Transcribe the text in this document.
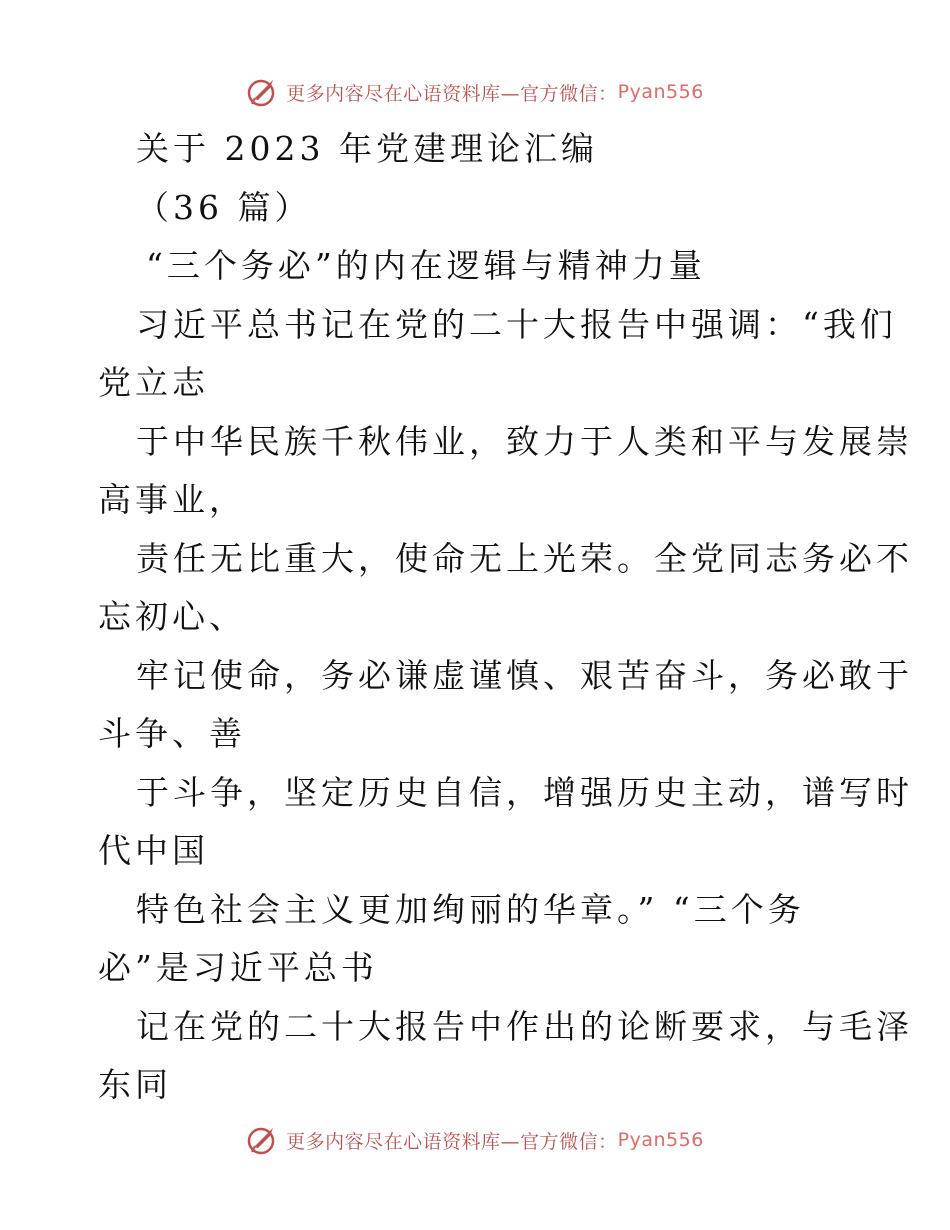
更多内容尽在心语资料库—官方微信： Pyan556
关于 2023 年党建理论汇编
（36 篇）
“三个务必”的内在逻辑与精神力量
习近平总书记在党的二十大报告中强调：“我们
党立志
于中华民族千秋伟业，致力于人类和平与发展崇
高事业，
责任无比重大，使命无上光荣。全党同志务必不
忘初心、
牢记使命，务必谦虚谨慎、艰苦奋斗，务必敢于
斗争、善
于斗争，坚定历史自信，增强历史主动，谱写时
代中国
特色社会主义更加绚丽的华章。” “三个务
必”是习近平总书
记在党的二十大报告中作出的论断要求，与毛泽
东同
更多内容尽在心语资料库—官方微信： Pyan556
